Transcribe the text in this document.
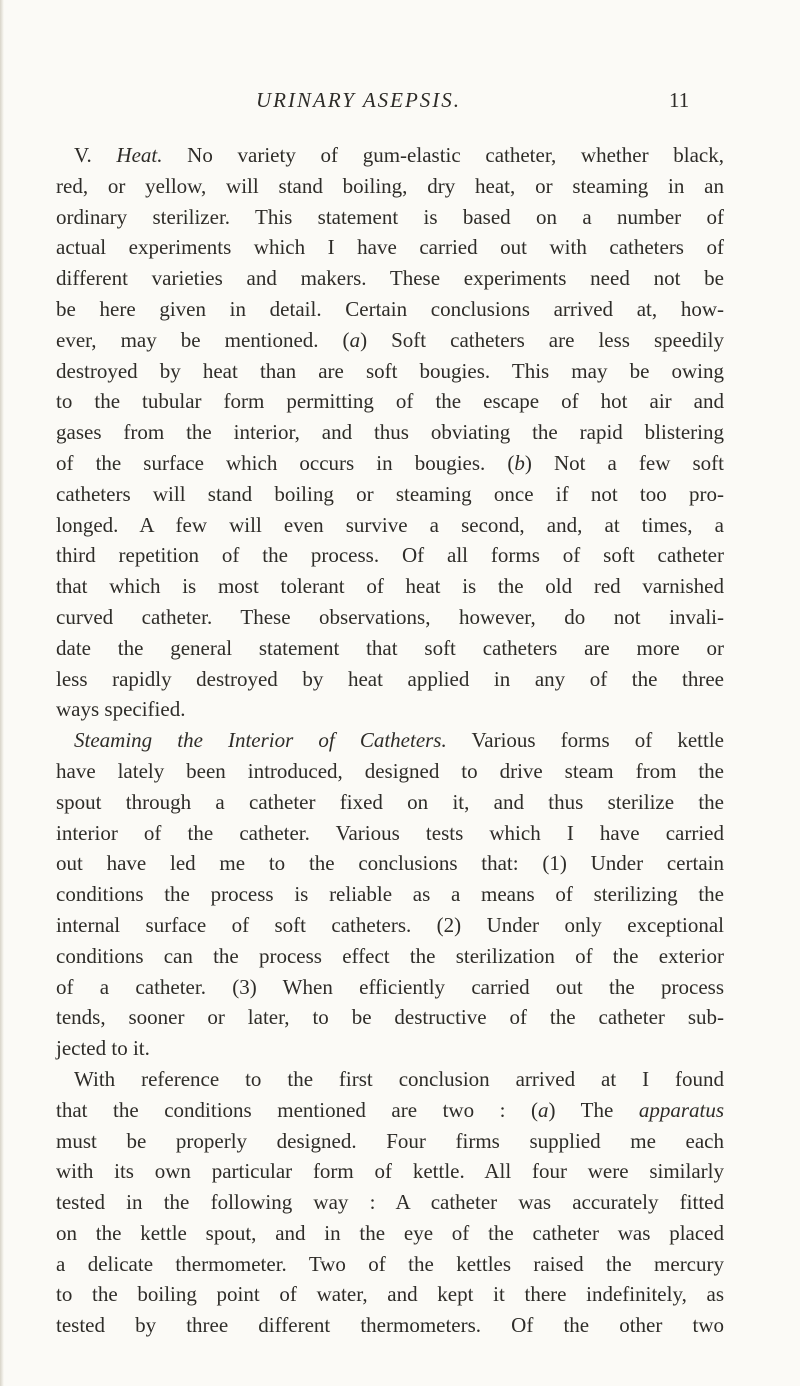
URINARY ASEPSIS.	11
V. Heat. No variety of gum-elastic catheter, whether black,
red, or yellow, will stand boiling, dry heat, or steaming in an
ordinary sterilizer. This statement is based on a number of
actual experiments which I have carried out with catheters of
different varieties and makers. These experiments need not be
be here given in detail. Certain conclusions arrived at, how-
ever, may be mentioned. (a) Soft catheters are less speedily
destroyed by heat than are soft bougies. This may be owing
to the tubular form permitting of the escape of hot air and
gases from the interior, and thus obviating the rapid blistering
of the surface which occurs in bougies. (b) Not a few soft
catheters will stand boiling or steaming once if not too pro-
longed. A few will even survive a second, and, at times, a
third repetition of the process. Of all forms of soft catheter
that which is most tolerant of heat is the old red varnished
curved catheter. These observations, however, do not invali-
date the general statement that soft catheters are more or
less rapidly destroyed by heat applied in any of the three
ways specified.
Steaming the Interior of Catheters. Various forms of kettle
have lately been introduced, designed to drive steam from the
spout through a catheter fixed on it, and thus sterilize the
interior of the catheter. Various tests which I have carried
out have led me to the conclusions that: (1) Under certain
conditions the process is reliable as a means of sterilizing the
internal surface of soft catheters. (2) Under only exceptional
conditions can the process effect the sterilization of the exterior
of a catheter. (3) When efficiently carried out the process
tends, sooner or later, to be destructive of the catheter sub-
jected to it.
With reference to the first conclusion arrived at I found
that the conditions mentioned are two : (a) The apparatus
must be properly designed. Four firms supplied me each
with its own particular form of kettle. All four were similarly
tested in the following way : A catheter was accurately fitted
on the kettle spout, and in the eye of the catheter was placed
a delicate thermometer. Two of the kettles raised the mercury
to the boiling point of water, and kept it there indefinitely, as
tested by three different thermometers. Of the other two
